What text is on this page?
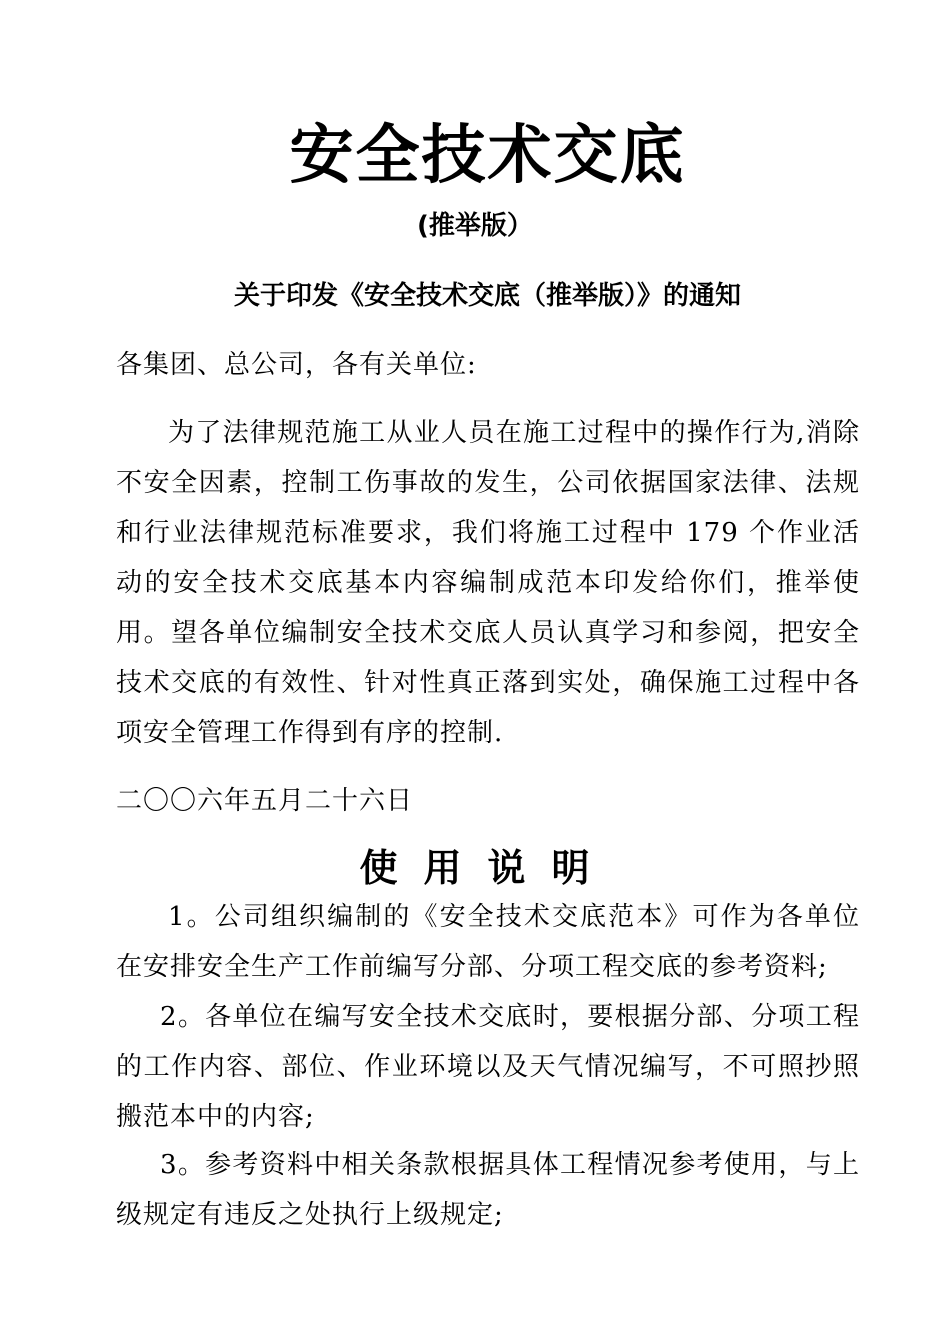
安全技术交底
(推举版）
关于印发《安全技术交底（推举版）》的通知

各集团、总公司，各有关单位:

为了法律规范施工从业人员在施工过程中的操作行为,消除不安全因素，控制工伤事故的发生，公司依据国家法律、法规和行业法律规范标准要求，我们将施工过程中 179 个作业活动的安全技术交底基本内容编制成范本印发给你们，推举使用。望各单位编制安全技术交底人员认真学习和参阅，把安全技术交底的有效性、针对性真正落到实处，确保施工过程中各项安全管理工作得到有序的控制.

二〇〇六年五月二十六日

使用说明

1。公司组织编制的《安全技术交底范本》可作为各单位在安排安全生产工作前编写分部、分项工程交底的参考资料;

2。各单位在编写安全技术交底时，要根据分部、分项工程的工作内容、部位、作业环境以及天气情况编写，不可照抄照搬范本中的内容;

3。参考资料中相关条款根据具体工程情况参考使用，与上级规定有违反之处执行上级规定;
